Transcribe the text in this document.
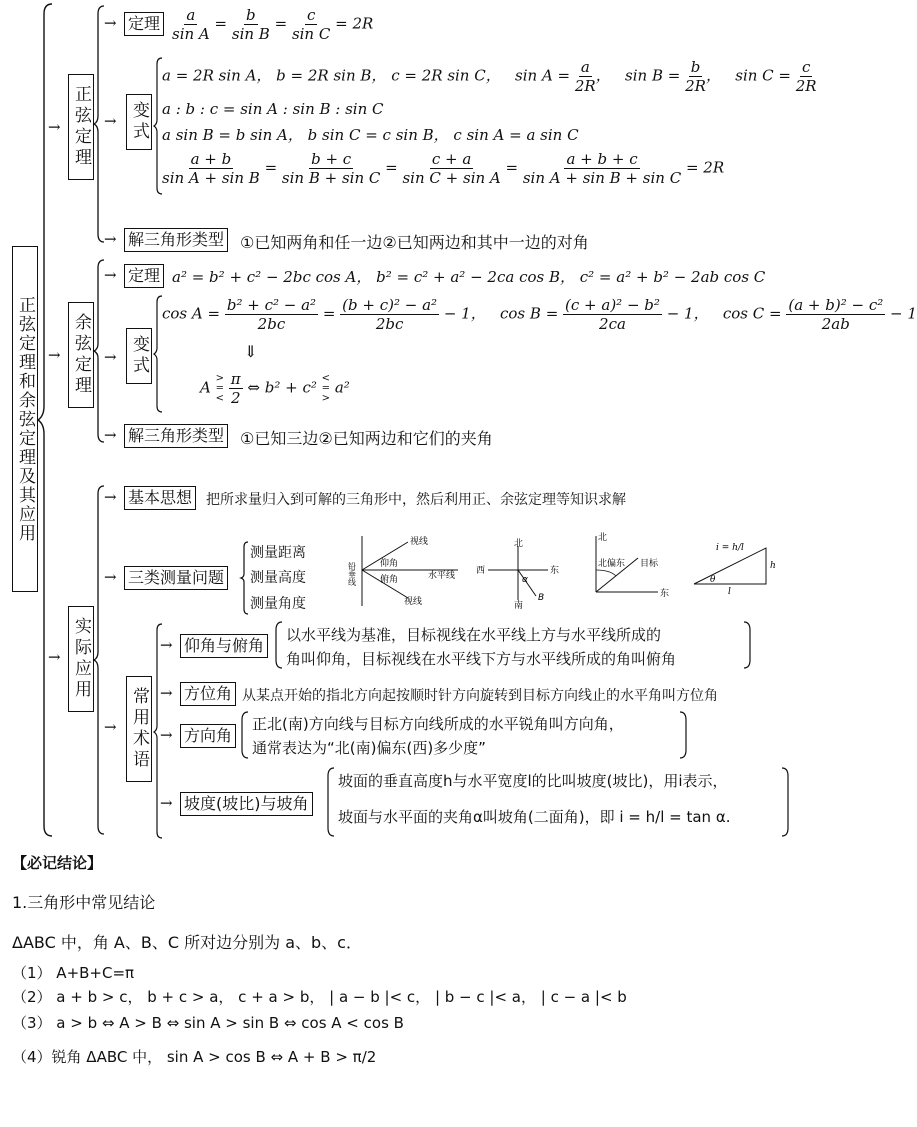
正弦定理和余弦定理及其应用
→ 正弦定理
→ 定理 $\frac{a}{\text{sin A}} = \frac{b}{\text{sin B}} = \frac{c}{\text{sin C}} = 2R$
→ 变式
a = 2R sin A， b = 2R sin B， c = 2R sin C，   $\sin A = \frac{a}{2R}$ ，   $\sin B = \frac{b}{2R}$ ，   $\sin C = \frac{c}{2R}$
a : b : c = sin A : sin B : sin C
a sin B = b sin A， b sin C = c sin B， c sin A = a sin C
$\frac{a + b}{\text{sin A + sin B}} = \frac{b + c}{\text{sin B + sin C}} = \frac{c + a}{\text{sin C + sin A}} = \frac{a + b + c}{\text{sin A + sin B + sin C}} = 2R$
→ 解三角形类型 ①已知两角和任一边②已知两边和其中一边的对角
→ 余弦定理
→ 定理 a² = b² + c² − 2bc cos A， b² = c² + a² − 2ca cos B， c² = a² + b² − 2ab cos C
→ 变式
$\cos A = \frac{\text{b² + c² − a²}}{2bc} = \frac{\text{(b + c)² − a²}}{2bc} - 1$，   $\cos B = \frac{\text{(c + a)² − b²}}{2ca} - 1$，   $\cos C = \frac{\text{(a + b)² − c²}}{2ab} - 1$
⇓
A
>
=
<
$\frac{\pi}{2}$ ⇔ b² + c²
<
=
>
a²
→ 解三角形类型 ①已知三边②已知两边和它们的夹角
→ 实际应用
→ 基本思想 把所求量归入到可解的三角形中，然后利用正、余弦定理等知识求解
→ 三类测量问题
测量距离
测量高度
测量角度
铅垂线
视线
仰角
水平线
俯角
视线
北
西	东
南
α
B
北
北偏东 目标
东
i = h/l
h
l
θ
→ 常用术语
→ 仰角与俯角
以水平线为基准，目标视线在水平线上方与水平线所成的
角叫仰角，目标视线在水平线下方与水平线所成的角叫俯角
→ 方位角 从某点开始的指北方向起按顺时针方向旋转到目标方向线止的水平角叫方位角
→ 方向角
正北(南)方向线与目标方向线所成的水平锐角叫方向角，
通常表达为“北(南)偏东(西)多少度”
→ 坡度(坡比)与坡角
坡面的垂直高度h与水平宽度l的比叫坡度(坡比)，用i表示，
坡面与水平面的夹角α叫坡角(二面角)，即 i = h/l = tan α.
【必记结论】
1.三角形中常见结论
ΔABC 中，角 A、B、C 所对边分别为 a、b、c．
（1） A+B+C=π
（2） a + b > c， b + c > a， c + a > b， | a − b |< c， | b − c |< a， | c − a |< b
（3） a > b ⇔ A > B ⇔ sin A > sin B ⇔ cos A < cos B
（4）锐角 ΔABC 中， sin A > cos B ⇔ A + B > π/2
